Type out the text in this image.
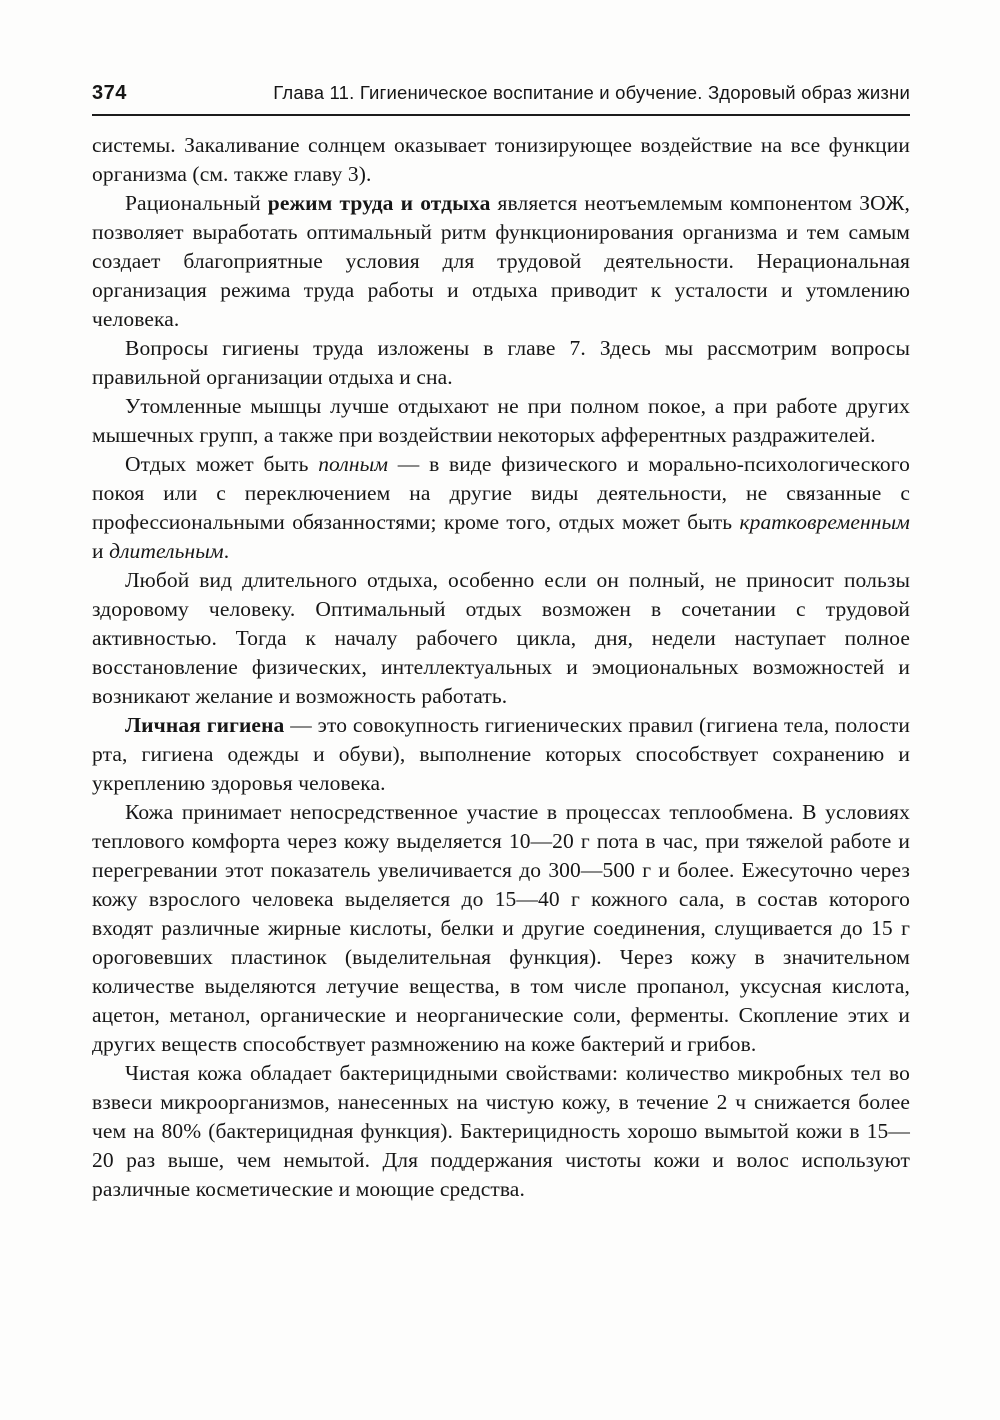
374	Глава 11. Гигиеническое воспитание и обучение. Здоровый образ жизни

системы. Закаливание солнцем оказывает тонизирующее воздействие на все функции организма (см. также главу 3).

Рациональный режим труда и отдыха является неотъемлемым компонентом ЗОЖ, позволяет выработать оптимальный ритм функционирования организма и тем самым создает благоприятные условия для трудовой деятельности. Нерациональная организация режима труда работы и отдыха приводит к усталости и утомлению человека.

Вопросы гигиены труда изложены в главе 7. Здесь мы рассмотрим вопросы правильной организации отдыха и сна.

Утомленные мышцы лучше отдыхают не при полном покое, а при работе других мышечных групп, а также при воздействии некоторых афферентных раздражителей.

Отдых может быть полным — в виде физического и морально-психологического покоя или с переключением на другие виды деятельности, не связанные с профессиональными обязанностями; кроме того, отдых может быть кратковременным и длительным.

Любой вид длительного отдыха, особенно если он полный, не приносит пользы здоровому человеку. Оптимальный отдых возможен в сочетании с трудовой активностью. Тогда к началу рабочего цикла, дня, недели наступает полное восстановление физических, интеллектуальных и эмоциональных возможностей и возникают желание и возможность работать.

Личная гигиена — это совокупность гигиенических правил (гигиена тела, полости рта, гигиена одежды и обуви), выполнение которых способствует сохранению и укреплению здоровья человека.

Кожа принимает непосредственное участие в процессах теплообмена. В условиях теплового комфорта через кожу выделяется 10—20 г пота в час, при тяжелой работе и перегревании этот показатель увеличивается до 300—500 г и более. Ежесуточно через кожу взрослого человека выделяется до 15—40 г кожного сала, в состав которого входят различные жирные кислоты, белки и другие соединения, слущивается до 15 г ороговевших пластинок (выделительная функция). Через кожу в значительном количестве выделяются летучие вещества, в том числе пропанол, уксусная кислота, ацетон, метанол, органические и неорганические соли, ферменты. Скопление этих и других веществ способствует размножению на коже бактерий и грибов.

Чистая кожа обладает бактерицидными свойствами: количество микробных тел во взвеси микроорганизмов, нанесенных на чистую кожу, в течение 2 ч снижается более чем на 80% (бактерицидная функция). Бактерицидность хорошо вымытой кожи в 15—20 раз выше, чем немытой. Для поддержания чистоты кожи и волос используют различные косметические и моющие средства.
